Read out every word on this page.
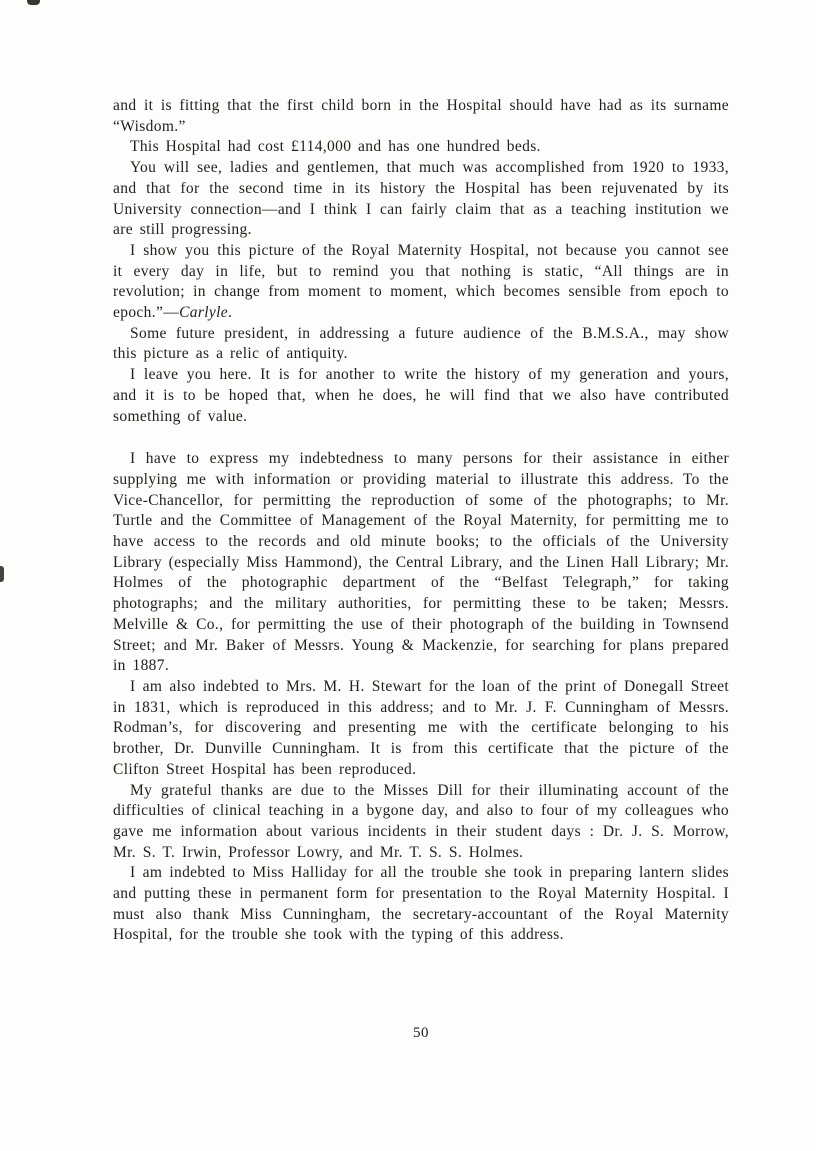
and it is fitting that the first child born in the Hospital should have had as its surname “Wisdom.”

This Hospital had cost £114,000 and has one hundred beds.

You will see, ladies and gentlemen, that much was accomplished from 1920 to 1933, and that for the second time in its history the Hospital has been rejuvenated by its University connection—and I think I can fairly claim that as a teaching institution we are still progressing.

I show you this picture of the Royal Maternity Hospital, not because you cannot see it every day in life, but to remind you that nothing is static, “All things are in revolution; in change from moment to moment, which becomes sensible from epoch to epoch.”—Carlyle.

Some future president, in addressing a future audience of the B.M.S.A., may show this picture as a relic of antiquity.

I leave you here. It is for another to write the history of my generation and yours, and it is to be hoped that, when he does, he will find that we also have contributed something of value.

I have to express my indebtedness to many persons for their assistance in either supplying me with information or providing material to illustrate this address. To the Vice-Chancellor, for permitting the reproduction of some of the photographs; to Mr. Turtle and the Committee of Management of the Royal Maternity, for permitting me to have access to the records and old minute books; to the officials of the University Library (especially Miss Hammond), the Central Library, and the Linen Hall Library; Mr. Holmes of the photographic department of the “Belfast Telegraph,” for taking photographs; and the military authorities, for permitting these to be taken; Messrs. Melville & Co., for permitting the use of their photograph of the building in Townsend Street; and Mr. Baker of Messrs. Young & Mackenzie, for searching for plans prepared in 1887.

I am also indebted to Mrs. M. H. Stewart for the loan of the print of Donegall Street in 1831, which is reproduced in this address; and to Mr. J. F. Cunningham of Messrs. Rodman’s, for discovering and presenting me with the certificate belonging to his brother, Dr. Dunville Cunningham. It is from this certificate that the picture of the Clifton Street Hospital has been reproduced.

My grateful thanks are due to the Misses Dill for their illuminating account of the difficulties of clinical teaching in a bygone day, and also to four of my colleagues who gave me information about various incidents in their student days : Dr. J. S. Morrow, Mr. S. T. Irwin, Professor Lowry, and Mr. T. S. S. Holmes.

I am indebted to Miss Halliday for all the trouble she took in preparing lantern slides and putting these in permanent form for presentation to the Royal Maternity Hospital. I must also thank Miss Cunningham, the secretary-accountant of the Royal Maternity Hospital, for the trouble she took with the typing of this address.

50
